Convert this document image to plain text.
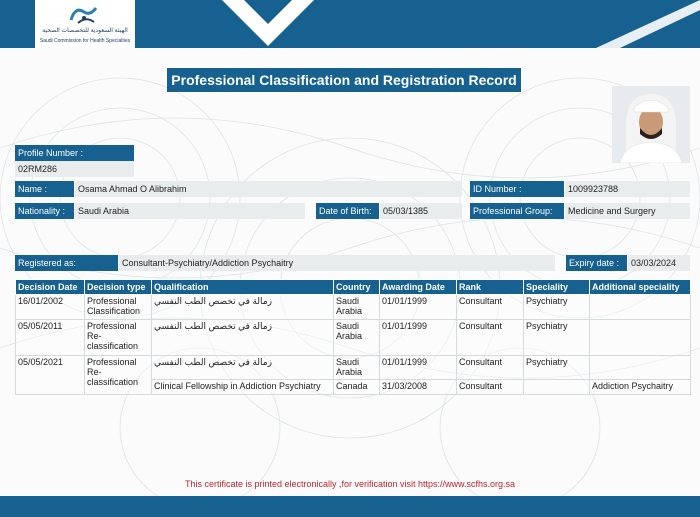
الهيئة السعودية للتخصصات الصحية
Saudi Commission for Health Specialties
Professional Classification and Registration Record
Profile Number :
02RM286
Name :	Osama Ahmad O Alibrahim	ID Number :	1009923788
Nationality :	Saudi Arabia	Date of Birth:	05/03/1385	Professional Group:	Medicine and Surgery
Registered as:	Consultant-Psychiatry/Addiction Psychaitry	Expiry date :	03/03/2024
Decision Date	Decision type	Qualification	Country	Awarding Date	Rank	Speciality	Additional speciality
16/01/2002	Professional Classification	زمالة في تخصص الطب النفسي	Saudi Arabia	01/01/1999	Consultant	Psychiatry	
05/05/2011	Professional Re-classification	زمالة في تخصص الطب النفسي	Saudi Arabia	01/01/1999	Consultant	Psychiatry	
05/05/2021	Professional Re-classification	زمالة في تخصص الطب النفسي	Saudi Arabia	01/01/1999	Consultant	Psychiatry	
		Clinical Fellowship in Addiction Psychiatry	Canada	31/03/2008	Consultant		Addiction Psychaitry
This certificate is printed electronically ,for verification visit https://www.scfhs.org.sa
